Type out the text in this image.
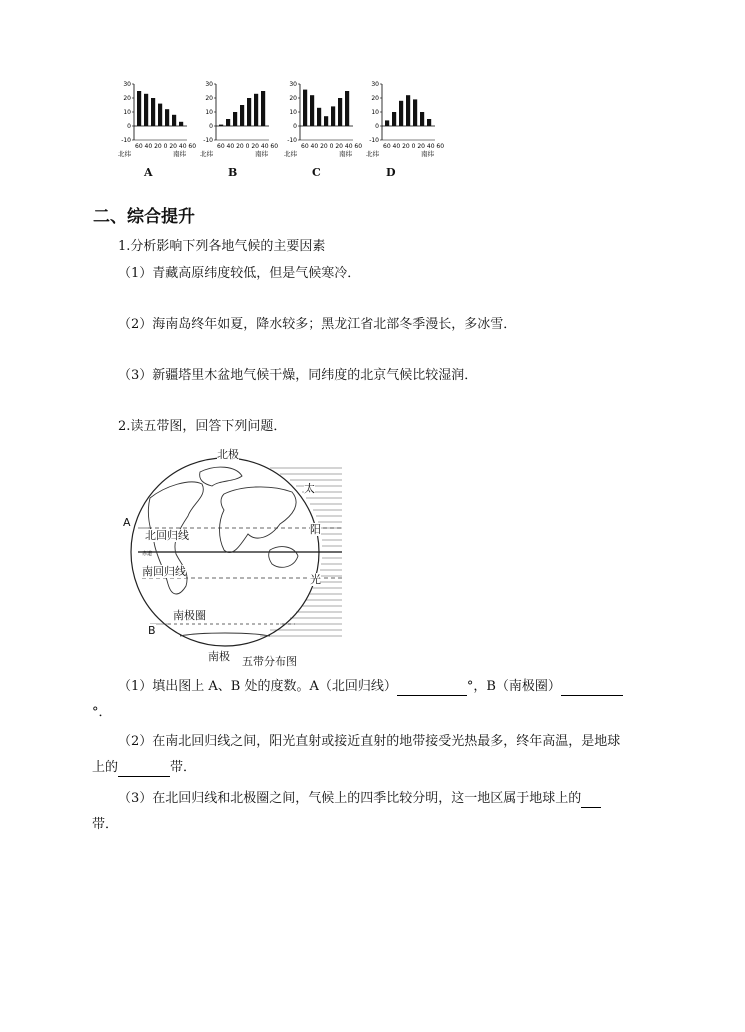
30
20
10
0
-10
60 40 20 0 20 40 60
北纬	南纬
A
30
20
10
0
-10
60 40 20 0 20 40 60
北纬	南纬
B
30
20
10
0
-10
60 40 20 0 20 40 60
北纬	南纬
C
30
20
10
0
-10
60 40 20 0 20 40 60
北纬	南纬
D
二、综合提升
1.分析影响下列各地气候的主要因素
（1）青藏高原纬度较低，但是气候寒冷．
（2）海南岛终年如夏，降水较多；黑龙江省北部冬季漫长，多冰雪．
（3）新疆塔里木盆地气候干燥，同纬度的北京气候比较湿润．
2.读五带图，回答下列问题．
赤道
北极
A
北回归线
南回归线
南极圈
B
南极 五带分布图
太
阳
光
（1）填出图上 A、B 处的度数。A（北回归线）	°，B（南极圈）
°．
（2）在南北回归线之间，阳光直射或接近直射的地带接受光热最多，终年高温，是地球
上的	带．
（3）在北回归线和北极圈之间，气候上的四季比较分明，这一地区属于地球上的
带．
